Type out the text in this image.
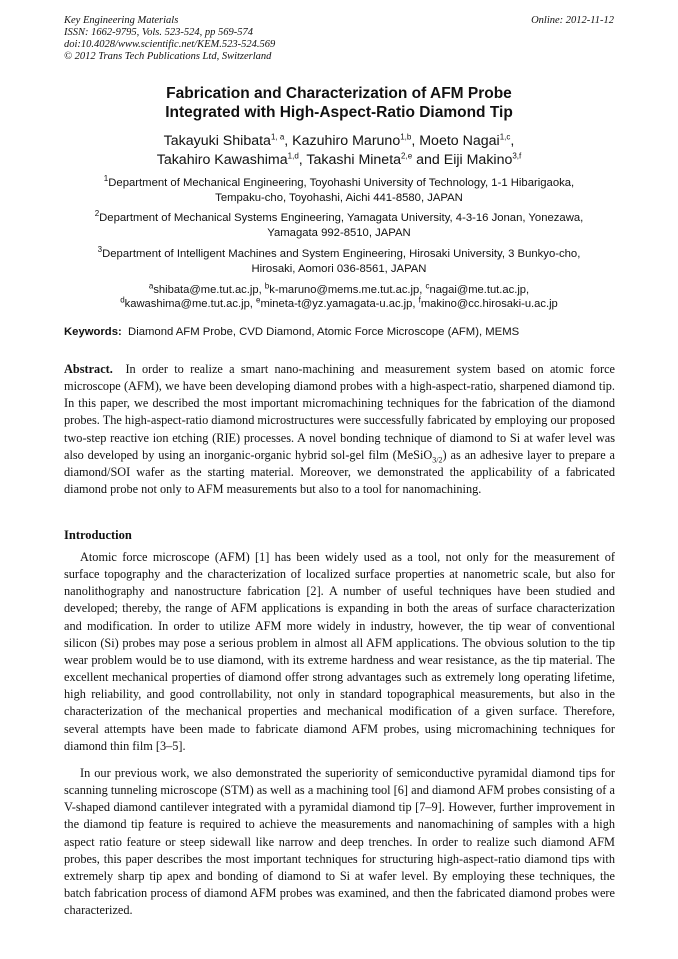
Key Engineering Materials
ISSN: 1662-9795, Vols. 523-524, pp 569-574
doi:10.4028/www.scientific.net/KEM.523-524.569
© 2012 Trans Tech Publications Ltd, Switzerland
Online: 2012-11-12
Fabrication and Characterization of AFM Probe
Integrated with High-Aspect-Ratio Diamond Tip
Takayuki Shibata$^{1, a}$, Kazuhiro Maruno$^{1,b}$, Moeto Nagai$^{1,c}$,
Takahiro Kawashima$^{1,d}$, Takashi Mineta$^{2,e}$ and Eiji Makino$^{3,f}$
$^1$Department of Mechanical Engineering, Toyohashi University of Technology, 1-1 Hibarigaoka,
Tempaku-cho, Toyohashi, Aichi 441-8580, JAPAN
$^2$Department of Mechanical Systems Engineering, Yamagata University, 4-3-16 Jonan, Yonezawa,
Yamagata 992-8510, JAPAN
$^3$Department of Intelligent Machines and System Engineering, Hirosaki University, 3 Bunkyo-cho,
Hirosaki, Aomori 036-8561, JAPAN
$^a$shibata@me.tut.ac.jp, $^b$k-maruno@mems.me.tut.ac.jp, $^c$nagai@me.tut.ac.jp,
$^d$kawashima@me.tut.ac.jp, $^e$mineta-t@yz.yamagata-u.ac.jp, $^f$makino@cc.hirosaki-u.ac.jp
Keywords: Diamond AFM Probe, CVD Diamond, Atomic Force Microscope (AFM), MEMS

Abstract. In order to realize a smart nano-machining and measurement system based on atomic force microscope (AFM), we have been developing diamond probes with a high-aspect-ratio, sharpened diamond tip. In this paper, we described the most important micromachining techniques for the fabrication of the diamond probes. The high-aspect-ratio diamond microstructures were successfully fabricated by employing our proposed two-step reactive ion etching (RIE) processes. A novel bonding technique of diamond to Si at wafer level was also developed by using an inorganic-organic hybrid sol-gel film (MeSiO$_{3/2}$) as an adhesive layer to prepare a diamond/SOI wafer as the starting material. Moreover, we demonstrated the applicability of a fabricated diamond probe not only to AFM measurements but also to a tool for nanomachining.

Introduction

Atomic force microscope (AFM) [1] has been widely used as a tool, not only for the measurement of surface topography and the characterization of localized surface properties at nanometric scale, but also for nanolithography and nanostructure fabrication [2]. A number of useful techniques have been studied and developed; thereby, the range of AFM applications is expanding in both the areas of surface characterization and modification. In order to utilize AFM more widely in industry, however, the tip wear of conventional silicon (Si) probes may pose a serious problem in almost all AFM applications. The obvious solution to the tip wear problem would be to use diamond, with its extreme hardness and wear resistance, as the tip material. The excellent mechanical properties of diamond offer strong advantages such as extremely long operating lifetime, high reliability, and good controllability, not only in standard topographical measurements, but also in the characterization of the mechanical properties and mechanical modification of a given surface. Therefore, several attempts have been made to fabricate diamond AFM probes, using micromachining techniques for diamond thin film [3–5].

In our previous work, we also demonstrated the superiority of semiconductive pyramidal diamond tips for scanning tunneling microscope (STM) as well as a machining tool [6] and diamond AFM probes consisting of a V-shaped diamond cantilever integrated with a pyramidal diamond tip [7–9]. However, further improvement in the diamond tip feature is required to achieve the measurements and nanomachining of samples with a high aspect ratio feature or steep sidewall like narrow and deep trenches. In order to realize such diamond AFM probes, this paper describes the most important techniques for structuring high-aspect-ratio diamond tips with extremely sharp tip apex and bonding of diamond to Si at wafer level. By employing these techniques, the batch fabrication process of diamond AFM probes was examined, and then the fabricated diamond probes were characterized.
